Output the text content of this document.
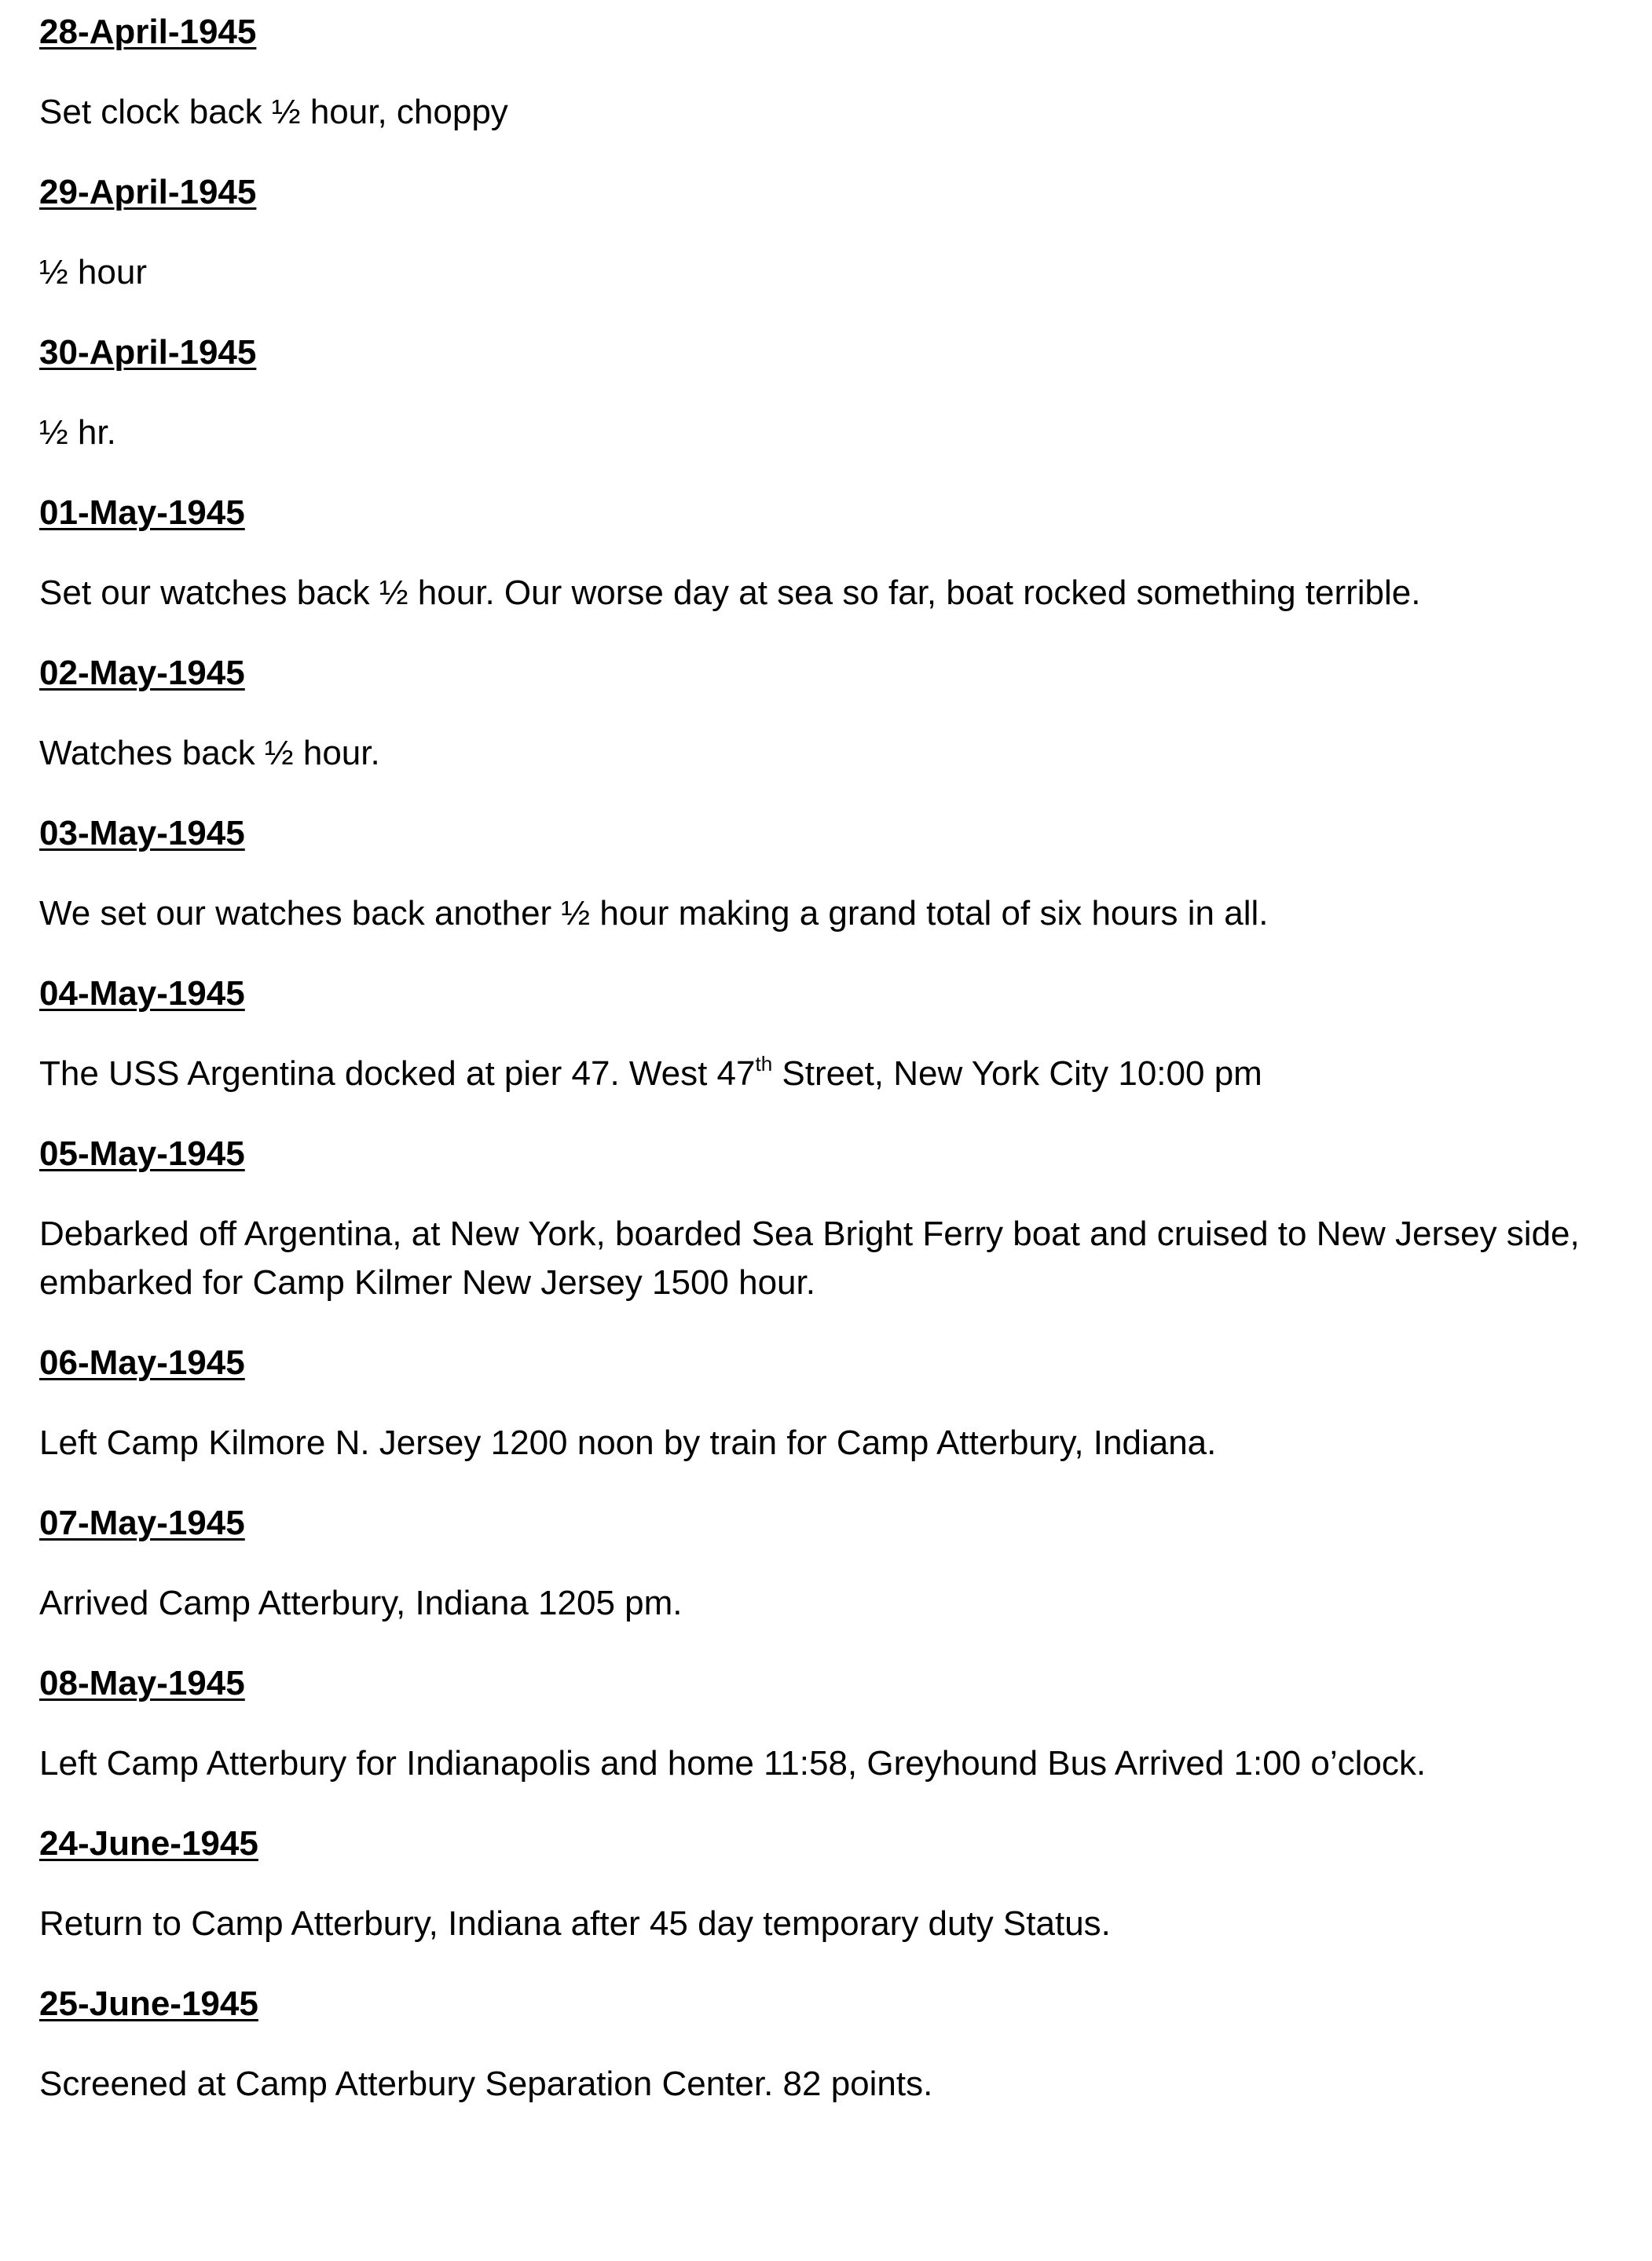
28-April-1945

Set clock back ½ hour, choppy

29-April-1945

½ hour

30-April-1945

½ hr.

01-May-1945

Set our watches back ½ hour. Our worse day at sea so far, boat rocked something terrible.

02-May-1945

Watches back ½ hour.

03-May-1945

We set our watches back another ½ hour making a grand total of six hours in all.

04-May-1945

The USS Argentina docked at pier 47. West 47th Street, New York City 10:00 pm

05-May-1945

Debarked off Argentina, at New York, boarded Sea Bright Ferry boat and cruised to New Jersey side, embarked for Camp Kilmer New Jersey 1500 hour.

06-May-1945

Left Camp Kilmore N. Jersey 1200 noon by train for Camp Atterbury, Indiana.

07-May-1945

Arrived Camp Atterbury, Indiana 1205 pm.

08-May-1945

Left Camp Atterbury for Indianapolis and home 11:58, Greyhound Bus Arrived 1:00 o’clock.

24-June-1945

Return to Camp Atterbury, Indiana after 45 day temporary duty Status.

25-June-1945

Screened at Camp Atterbury Separation Center. 82 points.
